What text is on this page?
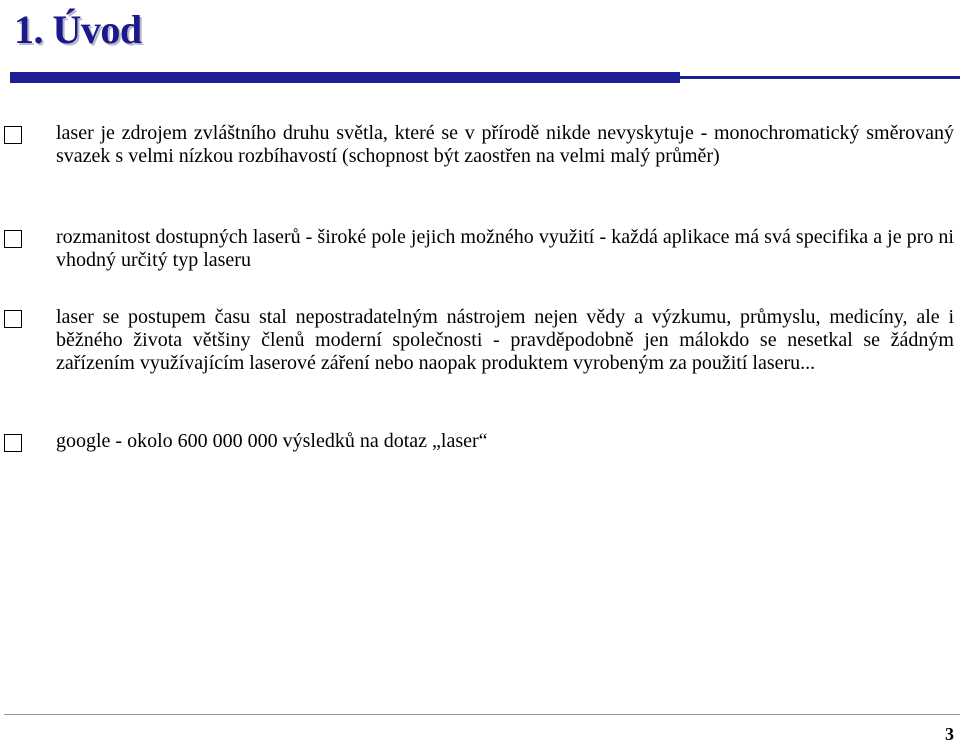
1. Úvod
laser je zdrojem zvláštního druhu světla, které se v přírodě nikde nevyskytuje - monochromatický směrovaný svazek s velmi nízkou rozbíhavostí (schopnost být zaostřen na velmi malý průměr)
rozmanitost dostupných laserů - široké pole jejich možného využití - každá aplikace má svá specifika a je pro ni vhodný určitý typ laseru
laser se postupem času stal nepostradatelným nástrojem nejen vědy a výzkumu, průmyslu, medicíny, ale i běžného života většiny členů moderní společnosti - pravděpodobně jen málokdo se nesetkal se žádným zařízením využívajícím laserové záření nebo naopak produktem vyrobeným za použití laseru...
google - okolo 600 000 000 výsledků na dotaz „laser“
3
